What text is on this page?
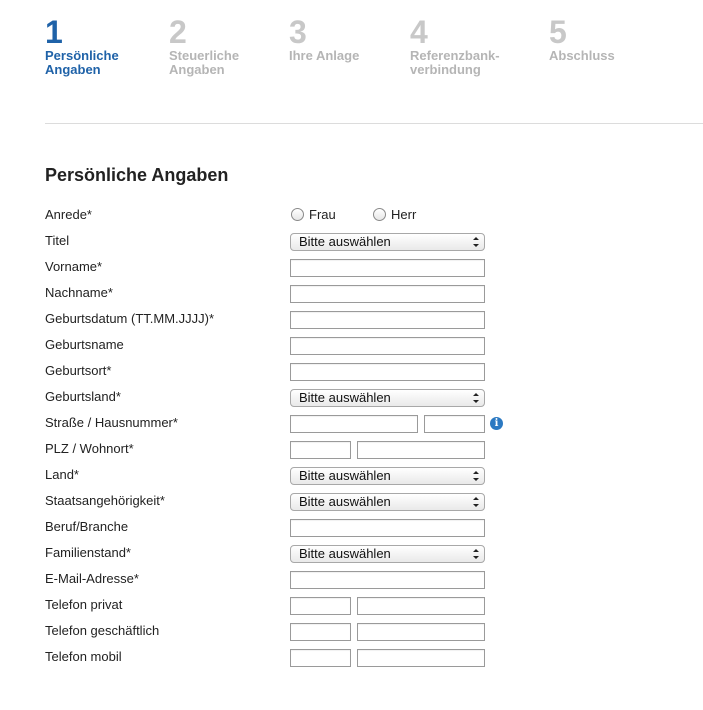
1
Persönliche
Angaben
2
Steuerliche
Angaben
3
Ihre Anlage
4
Referenzbank-
verbindung
5
Abschluss
Persönliche Angaben
Anrede*	Frau	Herr
Titel	Bitte auswählen
Vorname*
Nachname*
Geburtsdatum (TT.MM.JJJJ)*
Geburtsname
Geburtsort*
Geburtsland*	Bitte auswählen
Straße / Hausnummer*	i
PLZ / Wohnort*
Land*	Bitte auswählen
Staatsangehörigkeit*	Bitte auswählen
Beruf/Branche
Familienstand*	Bitte auswählen
E-Mail-Adresse*
Telefon privat
Telefon geschäftlich
Telefon mobil
